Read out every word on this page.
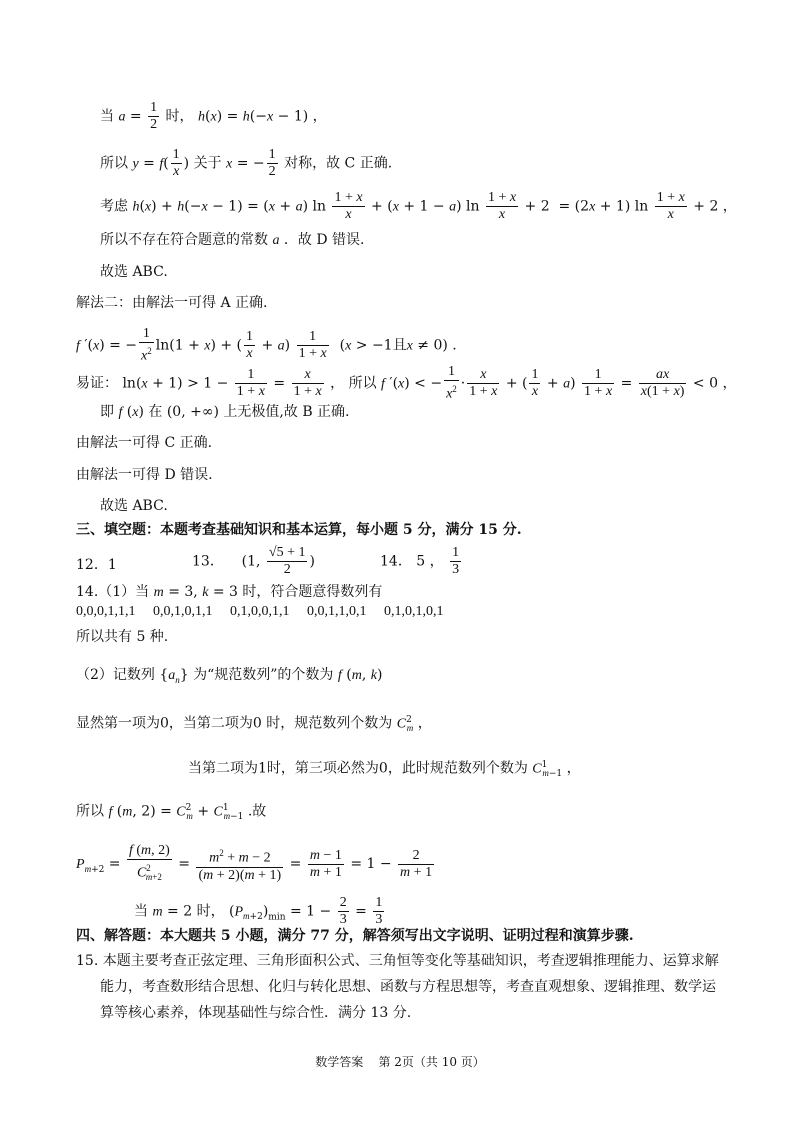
当 $a = \frac{1}{2}$ 时， h(x) = h(−x − 1) ，
所以 $y = f( \frac{1}{x}$ ) 关于 x = − $\frac{1}{2}$ 对称，故 C 正确.
考虑 h(x) + h(−x − 1) = (x + a) $\ln \frac{1 + x}{x} + (x + 1 - a)$ $\ln \frac{1 + x}{x} + 2 = (2x + 1)$ $\ln \frac{1 + x}{x} + 2$ ，
所以不存在符合题意的常数 a ．故 D 错误.
故选 ABC.
解法二：由解法一可得 A 正确.
f ′(x) = − $\frac{1}{x^2} \ln(1 + x)$ + ( $\frac{1}{x} + a) \frac{1}{1 + x} (x > -1$且x ≠ 0) .
易证： $\ln(x + 1) > 1 - \frac{1}{1 + x} = \frac{x}{1 + x}$ ， 所以 f ′(x) < − $\frac{1}{x^2} \cdot \frac{x}{1 + x}$ + ( $\frac{1}{x} + a) \frac{1}{1 + x} = \frac{ax}{x(1 + x)} < 0$ ，
即 f (x) 在 (0, +∞) 上无极值,故 B 正确.
由解法一可得 C 正确.
由解法一可得 D 错误.
故选 ABC.
三、填空题：本题考查基础知识和基本运算，每小题 5 分，满分 15 分.
12．1	13．    (1, $\frac{√5 + 1}{2}$ )	14． 5 ， $\frac{1}{3}$
14.（1）当 m = 3, k = 3 时，符合题意得数列有
0,0,0,1,1,1     0,0,1,0,1,1     0,1,0,0,1,1     0,0,1,1,0,1     0,1,0,1,0,1
所以共有 5 种.
（2）记数列 $\{a_n\}$ 为“规范数列”的个数为 f (m, k)
显然第一项为0，当第二项为0 时，规范数列个数为 $C^2_m$ ，
当第二项为1时，第三项必然为0，此时规范数列个数为 $C^1_{m-1}$ ，
所以 f (m, $2) = C^2_m + C^1_{m-1}$ .故
$P_{m+2} = \frac{f (m, 2)}{C^2_{m+2}} = \frac{m^2 + m - 2}{(m + 2)(m + 1)} = \frac{m - 1}{m + 1} = 1 - \frac{2}{m + 1}$
当 m = 2 时， $(P_{m+2})_{min} = 1 - \frac{2}{3} = \frac{1}{3}$
四、解答题：本大题共 5 小题，满分 77 分，解答须写出文字说明、证明过程和演算步骤.
15. 本题主要考查正弦定理、三角形面积公式、三角恒等变化等基础知识，考查逻辑推理能力、运算求解
能力，考查数形结合思想、化归与转化思想、函数与方程思想等，考查直观想象、逻辑推理、数学运
算等核心素养，体现基础性与综合性．满分 13 分.
数学答案    第 2页（共 10 页）
